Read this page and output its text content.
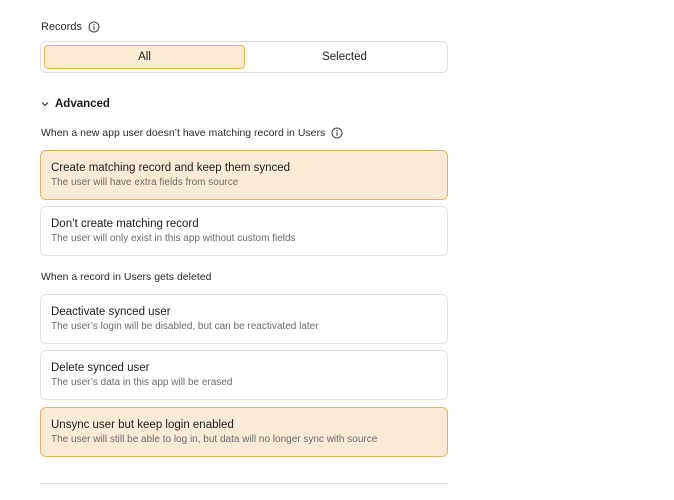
Records
All	Selected
Advanced
When a new app user doesn’t have matching record in Users
Create matching record and keep them synced
The user will have extra fields from source
Don’t create matching record
The user will only exist in this app without custom fields
When a record in Users gets deleted
Deactivate synced user
The user’s login will be disabled, but can be reactivated later
Delete synced user
The user’s data in this app will be erased
Unsync user but keep login enabled
The user will still be able to log in, but data will no longer sync with source
